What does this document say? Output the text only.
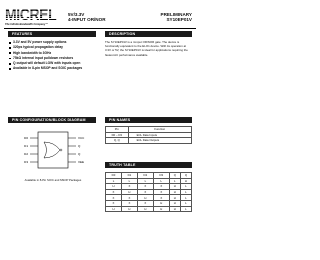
MICREL
The Infinite Bandwidth Company™
5V/3.3V
4-INPUT OR/NOR
PRELIMINARY
SY10EP01V
FEATURES
3.3V and 5V power supply options
320ps typical propagation delay
High bandwidth to 3GHz
75kΩ internal input pulldown resistors
Q output will default LOW with inputs open
Available in 8-pin MSOP and SOIC packages
DESCRIPTION
The SY10EP01V is a 4-input OR/NOR gate. The device is functionally equivalent to the ELO1 device. With its operation at 3.3V or 5V, the SY10EP01V is ideal for applications requiring the fastest AC performance available.
PIN CONFIGURATION/BLOCK DIAGRAM
D0
D1
D2
D3
VCC
Q
Q
VEE
Available in 8-Pin SOIC and MSOP Packages
PIN NAMES
Pin	Function
D0 – D3	ECL Data Inputs
Q, Q	ECL Data Outputs
TRUTH TABLE
D0	D1	D2	D3	Q	Q
L	L	L	L	L	H
H	X	X	X	H	L
X	H	X	X	H	L
X	X	H	X	H	L
X	X	X	H	H	L
H	H	H	H	H	L
